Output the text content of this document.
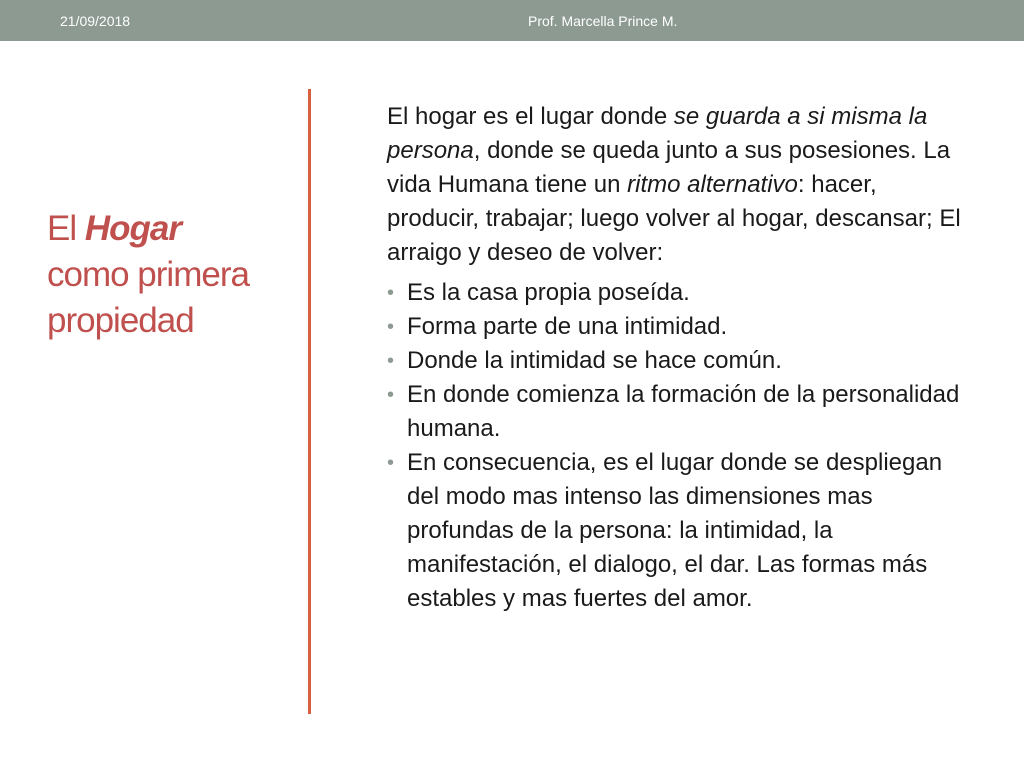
21/09/2018	Prof. Marcella Prince M.
El Hogar
como primera
propiedad

El hogar es el lugar donde se guarda a si misma la persona, donde se queda junto a sus posesiones. La vida Humana tiene un ritmo alternativo: hacer, producir, trabajar; luego volver al hogar, descansar; El arraigo y deseo de volver:

• Es la casa propia poseída.
• Forma parte de una intimidad.
• Donde la intimidad se hace común.
• En donde comienza la formación de la personalidad humana.
• En consecuencia, es el lugar donde se despliegan del modo mas intenso las dimensiones mas profundas de la persona: la intimidad, la manifestación, el dialogo, el dar. Las formas más estables y mas fuertes del amor.
